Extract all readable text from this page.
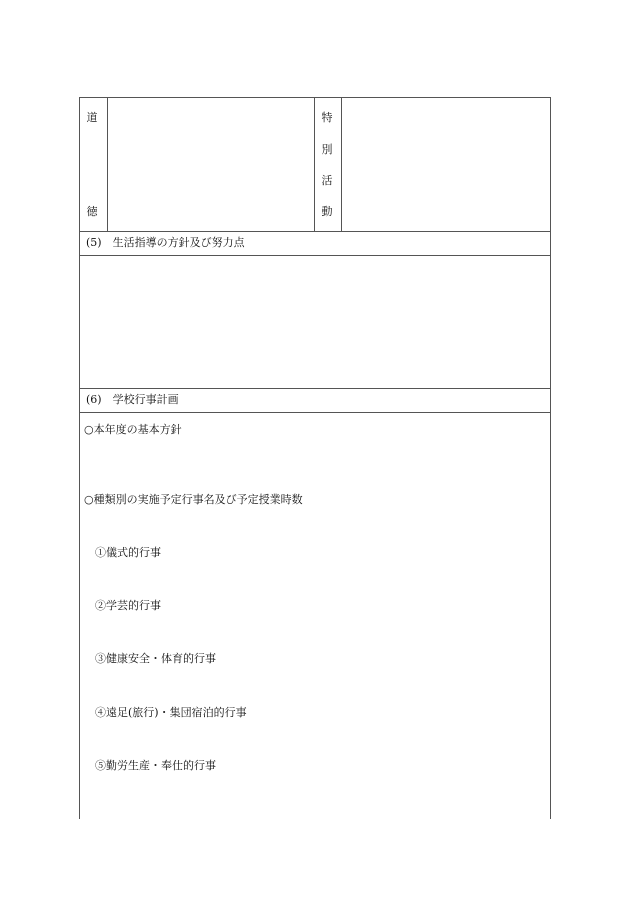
道
徳
特
別
活
動
(5)　生活指導の方針及び努力点
(6)　学校行事計画
○本年度の基本方針
○種類別の実施予定行事名及び予定授業時数
①儀式的行事
②学芸的行事
③健康安全・体育的行事
④遠足(旅行)・集団宿泊的行事
⑤勤労生産・奉仕的行事
